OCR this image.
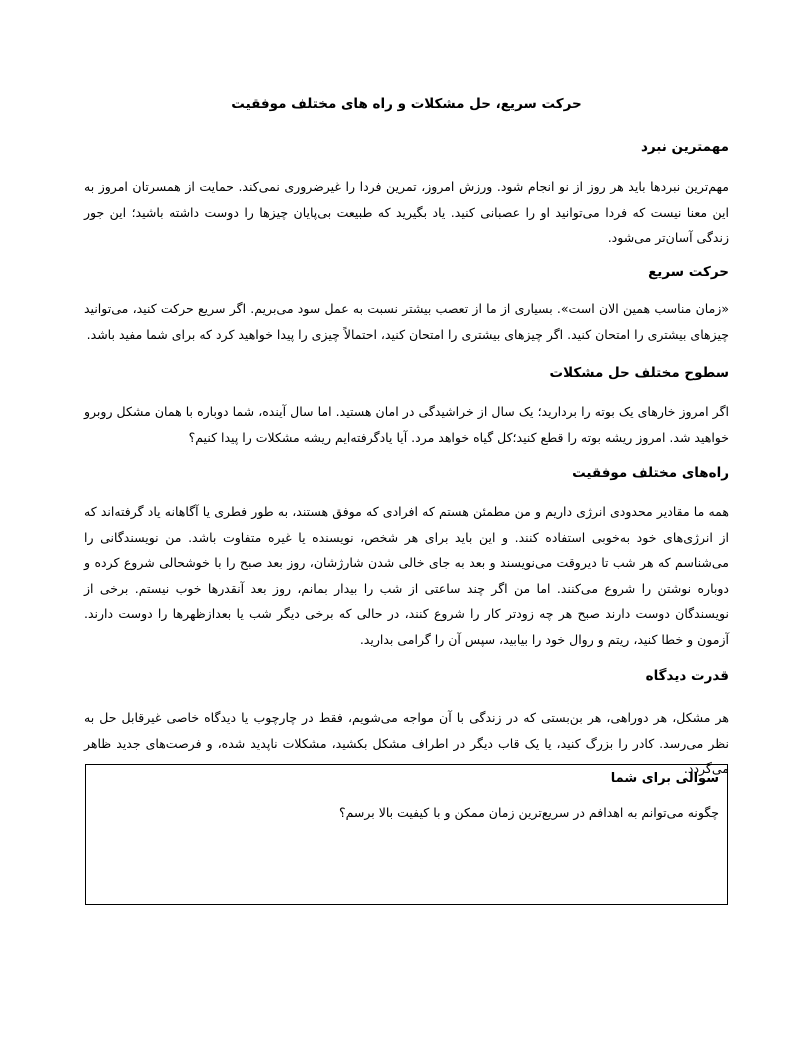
حرکت سریع، حل مشکلات و راه های مختلف موفقیت
مهمترین نبرد
مهم‌ترین نبردها باید هر روز از نو انجام شود. ورزش امروز، تمرین فردا را غیرضروری نمی‌کند. حمایت از همسرتان امروز به این معنا نیست که فردا می‌توانید او را عصبانی کنید. یاد بگیرید که طبیعت بی‌پایان چیزها را دوست داشته باشید؛ این جور زندگی آسان‌تر می‌شود.
حرکت سریع
«زمان مناسب همین الان است». بسیاری از ما از تعصب بیشتر نسبت به عمل سود می‌بریم. اگر سریع حرکت کنید، می‌توانید چیزهای بیشتری را امتحان کنید. اگر چیزهای بیشتری را امتحان کنید، احتمالاً چیزی را پیدا خواهید کرد که برای شما مفید باشد.
سطوح مختلف حل مشکلات
اگر امروز خارهای یک بوته را بردارید؛ یک سال از خراشیدگی در امان هستید. اما سال آینده، شما دوباره با همان مشکل روبرو خواهید شد. امروز ریشه بوته را قطع کنید؛کل گیاه خواهد مرد. آیا یادگرفته‌ایم ریشه مشکلات را پیدا کنیم؟
راه‌های مختلف موفقیت
همه ما مقادیر محدودی انرژی داریم و من مطمئن هستم که افرادی که موفق هستند، به طور فطری یا آگاهانه یاد گرفته‌اند که از انرژی‌های خود به‌خوبی استفاده کنند. و این باید برای هر شخص، نویسنده یا غیره متفاوت باشد. من نویسندگانی را می‌شناسم که هر شب تا دیروقت می‌نویسند و بعد به جای خالی شدن شارژشان، روز بعد صبح را با خوشحالی شروع کرده و دوباره نوشتن را شروع می‌کنند. اما من اگر چند ساعتی از شب را بیدار بمانم، روز بعد آنقدرها خوب نیستم. برخی از نویسندگان دوست دارند صبح هر چه زودتر کار را شروع کنند، در حالی که برخی دیگر شب یا بعدازظهرها را دوست دارند. آزمون و خطا کنید، ریتم و روال خود را بیابید، سپس آن را گرامی بدارید.
قدرت دیدگاه
هر مشکل، هر دوراهی، هر بن‌بستی که در زندگی با آن مواجه می‌شویم، فقط در چارچوب یا دیدگاه خاصی غیرقابل حل به نظر می‌رسد. کادر را بزرگ کنید، یا یک قاب دیگر در اطراف مشکل بکشید، مشکلات ناپدید شده، و فرصت‌های جدید ظاهر می‌گردد.
سوالی برای شما
چگونه می‌توانم به اهدافم در سریع‌ترین زمان ممکن و با کیفیت بالا برسم؟
